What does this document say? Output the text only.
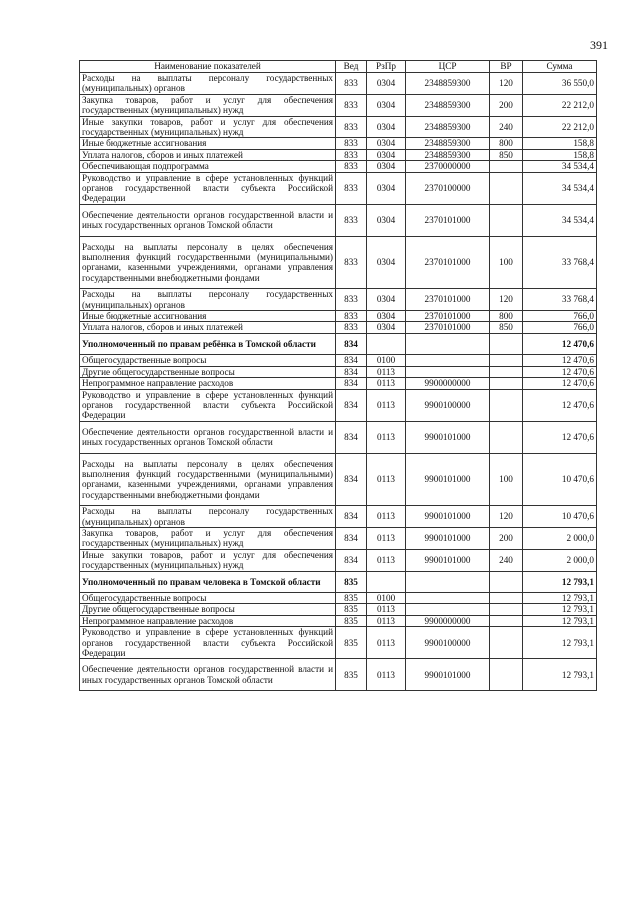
391
Наименование показателей	Вед	РзПр	ЦСР	ВР	Сумма
Расходы на выплаты персоналу государственных (муниципальных) органов	833	0304	2348859300	120	36 550,0
Закупка товаров, работ и услуг для обеспечения государственных (муниципальных) нужд	833	0304	2348859300	200	22 212,0
Иные закупки товаров, работ и услуг для обеспечения государственных (муниципальных) нужд	833	0304	2348859300	240	22 212,0
Иные бюджетные ассигнования	833	0304	2348859300	800	158,8
Уплата налогов, сборов и иных платежей	833	0304	2348859300	850	158,8
Обеспечивающая подпрограмма	833	0304	2370000000		34 534,4
Руководство и управление в сфере установленных функций органов государственной власти субъекта Российской Федерации	833	0304	2370100000		34 534,4
Обеспечение деятельности органов государственной власти и иных государственных органов Томской области	833	0304	2370101000		34 534,4
Расходы на выплаты персоналу в целях обеспечения выполнения функций государственными (муниципальными) органами, казенными учреждениями, органами управления государственными внебюджетными фондами	833	0304	2370101000	100	33 768,4
Расходы на выплаты персоналу государственных (муниципальных) органов	833	0304	2370101000	120	33 768,4
Иные бюджетные ассигнования	833	0304	2370101000	800	766,0
Уплата налогов, сборов и иных платежей	833	0304	2370101000	850	766,0
Уполномоченный по правам ребёнка в Томской области	834				12 470,6
Общегосударственные вопросы	834	0100			12 470,6
Другие общегосударственные вопросы	834	0113			12 470,6
Непрограммное направление расходов	834	0113	9900000000		12 470,6
Руководство и управление в сфере установленных функций органов государственной власти субъекта Российской Федерации	834	0113	9900100000		12 470,6
Обеспечение деятельности органов государственной власти и иных государственных органов Томской области	834	0113	9900101000		12 470,6
Расходы на выплаты персоналу в целях обеспечения выполнения функций государственными (муниципальными) органами, казенными учреждениями, органами управления государственными внебюджетными фондами	834	0113	9900101000	100	10 470,6
Расходы на выплаты персоналу государственных (муниципальных) органов	834	0113	9900101000	120	10 470,6
Закупка товаров, работ и услуг для обеспечения государственных (муниципальных) нужд	834	0113	9900101000	200	2 000,0
Иные закупки товаров, работ и услуг для обеспечения государственных (муниципальных) нужд	834	0113	9900101000	240	2 000,0
Уполномоченный по правам человека в Томской области	835				12 793,1
Общегосударственные вопросы	835	0100			12 793,1
Другие общегосударственные вопросы	835	0113			12 793,1
Непрограммное направление расходов	835	0113	9900000000		12 793,1
Руководство и управление в сфере установленных функций органов государственной власти субъекта Российской Федерации	835	0113	9900100000		12 793,1
Обеспечение деятельности органов государственной власти и иных государственных органов Томской области	835	0113	9900101000		12 793,1
